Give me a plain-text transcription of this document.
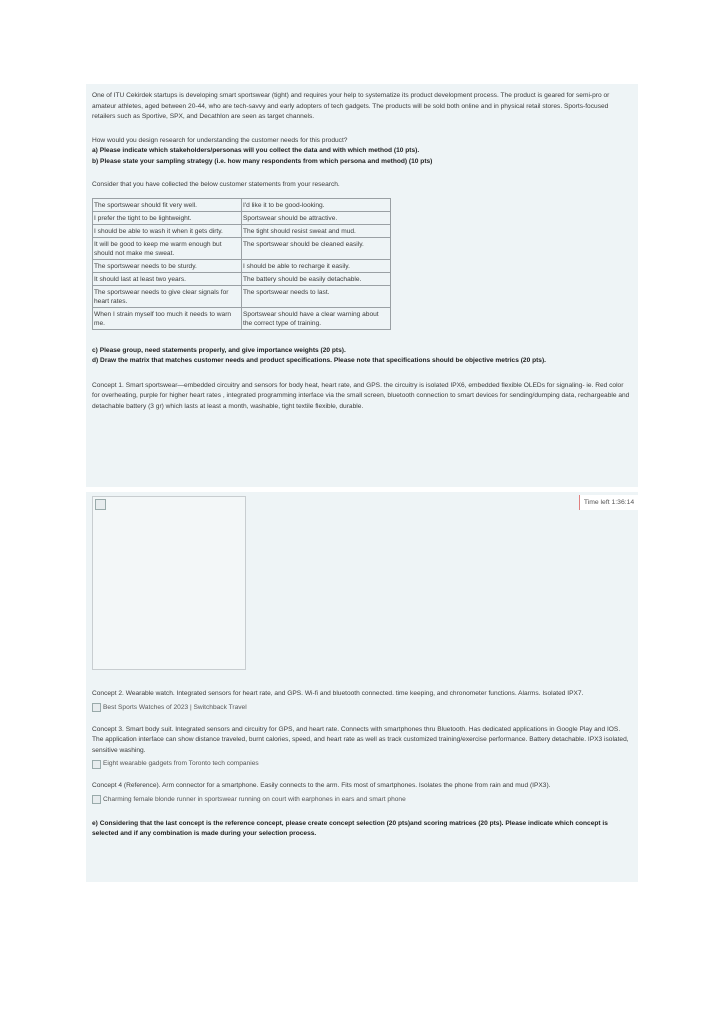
One of ITU Cekirdek startups is developing smart sportswear (tight) and requires your help to systematize its product development process. The product is geared for semi-pro or amateur athletes, aged between 20-44, who are tech-savvy and early adopters of tech gadgets. The products will be sold both online and in physical retail stores. Sports-focused retailers such as Sportive, SPX, and Decathlon are seen as target channels.

How would you design research for understanding the customer needs for this product?

a) Please indicate which stakeholders/personas will you collect the data and with which method (10 pts).

b) Please state your sampling strategy (i.e. how many respondents from which persona and method) (10 pts)

Consider that you have collected the below customer statements from your research.

The sportswear should fit very well.	I'd like it to be good-looking.
I prefer the tight to be lightweight.	Sportswear should be attractive.
I should be able to wash it when it gets dirty.	The tight should resist sweat and mud.
It will be good to keep me warm enough but should not make me sweat.	The sportswear should be cleaned easily.
The sportswear needs to be sturdy.	I should be able to recharge it easily.
It should last at least two years.	The battery should be easily detachable.
The sportswear needs to give clear signals for heart rates.	The sportswear needs to last.
When I strain myself too much it needs to warn me.	Sportswear should have a clear warning about the correct type of training.

c) Please group, need statements properly, and give importance weights (20 pts).

d) Draw the matrix that matches customer needs and product specifications. Please note that specifications should be objective metrics (20 pts).

Concept 1. Smart sportswear—embedded circuitry and sensors for body heat, heart rate, and GPS. the circuitry is isolated IPX6, embedded flexible OLEDs for signaling- ie. Red color for overheating, purple for higher heart rates , integrated programming interface via the small screen, bluetooth connection to smart devices for sending/dumping data, rechargeable and detachable battery (3 gr) which lasts at least a month, washable, tight textile flexible, durable.

Time left 1:36:14

Concept 2. Wearable watch. Integrated sensors for heart rate, and GPS. Wi-fi and bluetooth connected. time keeping, and chronometer functions. Alarms. Isolated IPX7.

Best Sports Watches of 2023 | Switchback Travel

Concept 3. Smart body suit. Integrated sensors and circuitry for GPS, and heart rate. Connects with smartphones thru Bluetooth. Has dedicated applications in Google Play and IOS. The application interface can show distance traveled, burnt calories, speed, and heart rate as well as track customized training/exercise performance. Battery detachable. IPX3 isolated, sensitive washing.

Eight wearable gadgets from Toronto tech companies

Concept 4 (Reference). Arm connector for a smartphone. Easily connects to the arm. Fits most of smartphones. Isolates the phone from rain and mud (IPX3).

Charming female blonde runner in sportswear running on court with earphones in ears and smart phone

e) Considering that the last concept is the reference concept, please create concept selection (20 pts)and scoring matrices (20 pts). Please indicate which concept is selected and if any combination is made during your selection process.
